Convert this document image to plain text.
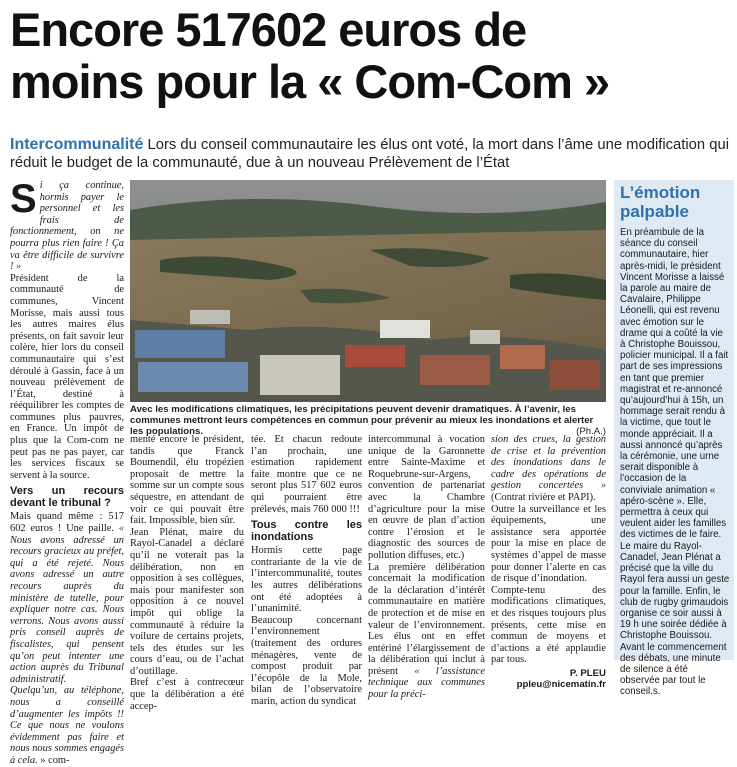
Encore 517602 euros de
moins pour la « Com-Com »
Intercommunalité Lors du conseil communautaire les élus ont voté, la mort dans l’âme une modification qui réduit le budget de la communauté, due à un nouveau Prélèvement de l’État

S i ça continue, hormis payer le personnel et les frais de fonctionnement, on ne pourra plus rien faire ! Ça va être difficile de survivre ! »

Président de la communauté de communes, Vincent Morisse, mais aussi tous les autres maires élus présents, on fait savoir leur colère, hier lors du conseil communautaire qui s’est déroulé à Gassin, face à un nouveau prélèvement de l’État, destiné à rééquilibrer les comptes de communes plus pauvres, en France. Un impôt de plus que la Com-com ne peut pas ne pas payer, car les services fiscaux se servent à la source.

Vers un recours devant le tribunal ?

Mais quand même : 517 602 euros ! Une paille. « Nous avons adressé un recours gracieux au préfet, qui a été rejeté. Nous avons adressé un autre recours auprès du ministère de tutelle, pour expliquer notre cas. Nous verrons. Nous avons aussi pris conseil auprès de fiscalistes, qui pensent qu’on peut intenter une action auprès du Tribunal administratif.

Quelqu’un, au téléphone, nous a conseillé d’augmenter les impôts !! Ce que nous ne voulons évidemment pas faire et nous nous sommes engagés à cela. » com-

Avec les modifications climatiques, les précipitations peuvent devenir dramatiques. À l’avenir, les communes mettront leurs compétences en commun pour prévenir au mieux les inondations et alerter les populations.	(Ph.A.)

menté encore le président, tandis que Franck Boumendil, élu tropézien proposait de mettre la somme sur un compte sous séquestre, en attendant de voir ce qui pouvait être fait. Impossible, bien sûr.

Jean Plénat, maire du Rayol-Canadel a déclaré qu’il ne voterait pas la délibération, non en opposition à ses collègues, mais pour manifester son opposition à ce nouvel impôt qui oblige la communauté à réduire la voilure de certains projets, tels des études sur les cours d’eau, ou de l’achat d’outillage.

Bref c’est à contrecœur que la délibération a été accep-

tée. Et chacun redoute l’an prochain, une estimation rapidement faite montre que ce ne seront plus 517 602 euros qui pourraient être prélevés, mais 760 000 !!!

Tous contre les inondations

Hormis cette page contrariante de la vie de l’intercommunalité, toutes les autres délibérations ont été adoptées à l’unanimité.

Beaucoup concernant l’environnement (traitement des ordures ménagères, vente de compost produit par l’écopôle de la Mole, bilan de l’observatoire marin, action du syndicat

intercommunal à vocation unique de la Garonnette entre Sainte-Maxime et Roquebrune-sur-Argens, convention de partenariat avec la Chambre d’agriculture pour la mise en œuvre de plan d’action contre l’érosion et le diagnostic des sources de pollution diffuses, etc.)

La première délibération concernait la modification de la déclaration d’intérêt communautaire en matière de protection et de mise en valeur de l’environnement. Les élus ont en effet entériné l’élargissement de la délibération qui inclut à présent « l’assistance technique aux communes pour la préci-

sion des crues, la gestion de crise et la prévention des inondations dans le cadre des opérations de gestion concertées » (Contrat rivière et PAPI).

Outre la surveillance et les équipements, une assistance sera apportée pour la mise en place de systèmes d’appel de masse pour donner l’alerte en cas de risque d’inondation.

Compte-tenu des modifications climatiques, et des risques toujours plus présents, cette mise en commun de moyens et d’actions a été applaudie par tous.

P. PLEU
ppleu@nicematin.fr
L’émotion palpable
En préambule de la séance du conseil communautaire, hier après-midi, le président Vincent Morisse a laissé la parole au maire de Cavalaire, Philippe Léonelli, qui est revenu avec émotion sur le drame qui a coûté la vie à Christophe Bouissou, policier municipal. Il a fait part de ses impressions en tant que premier magistrat et re-annoncé qu’aujourd’hui à 15h, un hommage serait rendu à la victime, que tout le monde appréciait. Il a aussi annoncé qu’après la cérémonie, une urne serait disponible à l’occasion de la conviviale animation « apéro-scène ». Elle, permettra à ceux qui veulent aider les familles des victimes de le faire. Le maire du Rayol-Canadel, Jean Plénat a précisé que la ville du Rayol fera aussi un geste pour la famille. Enfin, le club de rugby grimaudois organise ce soir aussi à 19 h une soirée dédiée à Christophe Bouissou. Avant le commencement des débats, une minute de silence a été observée par tout le conseil.s.
